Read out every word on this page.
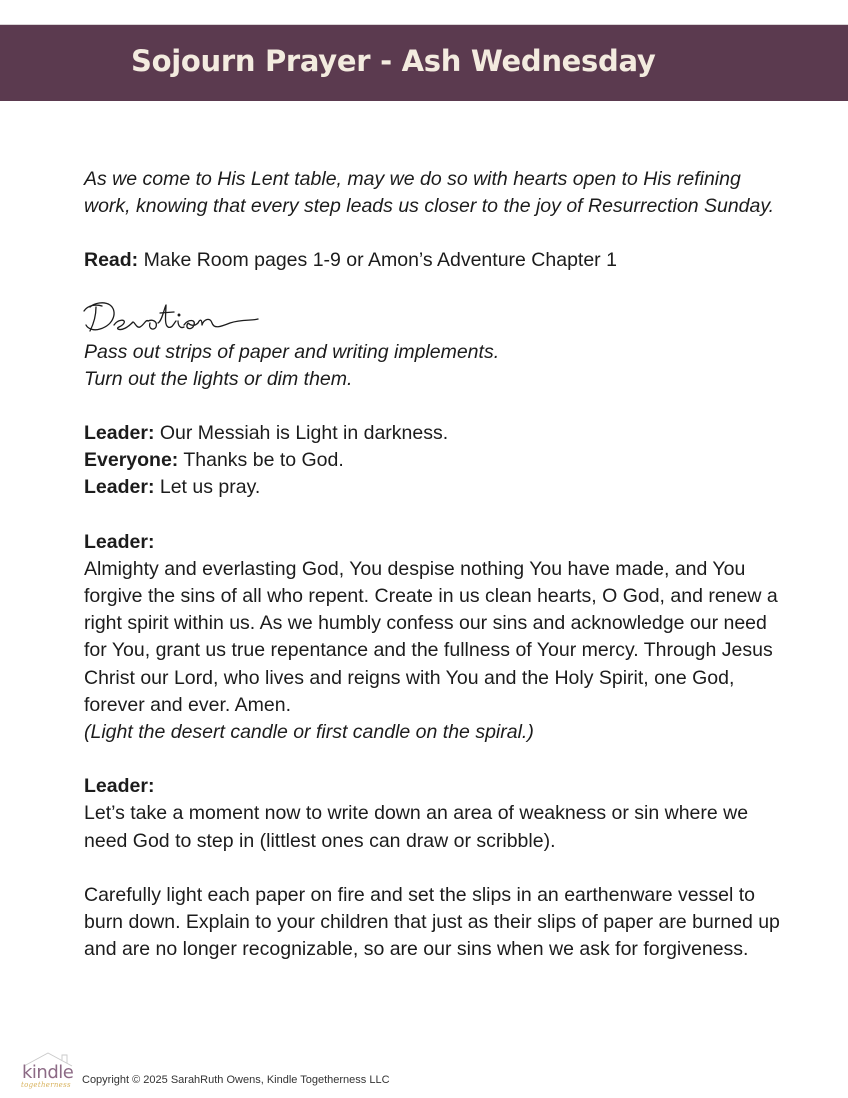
Sojourn Prayer - Ash Wednesday

As we come to His Lent table, may we do so with hearts open to His refining work, knowing that every step leads us closer to the joy of Resurrection Sunday.

Read: Make Room pages 1-9 or Amon’s Adventure Chapter 1

Pass out strips of paper and writing implements.

Turn out the lights or dim them.

Leader: Our Messiah is Light in darkness.

Everyone: Thanks be to God.

Leader: Let us pray.

Leader:

Almighty and everlasting God, You despise nothing You have made, and You forgive the sins of all who repent. Create in us clean hearts, O God, and renew a right spirit within us. As we humbly confess our sins and acknowledge our need for You, grant us true repentance and the fullness of Your mercy. Through Jesus Christ our Lord, who lives and reigns with You and the Holy Spirit, one God, forever and ever. Amen.

(Light the desert candle or first candle on the spiral.)

Leader:

Let’s take a moment now to write down an area of weakness or sin where we need God to step in (littlest ones can draw or scribble).

Carefully light each paper on fire and set the slips in an earthenware vessel to burn down. Explain to your children that just as their slips of paper are burned up and are no longer recognizable, so are our sins when we ask for forgiveness.

kindle
togetherness Copyright © 2025 SarahRuth Owens, Kindle Togetherness LLC
